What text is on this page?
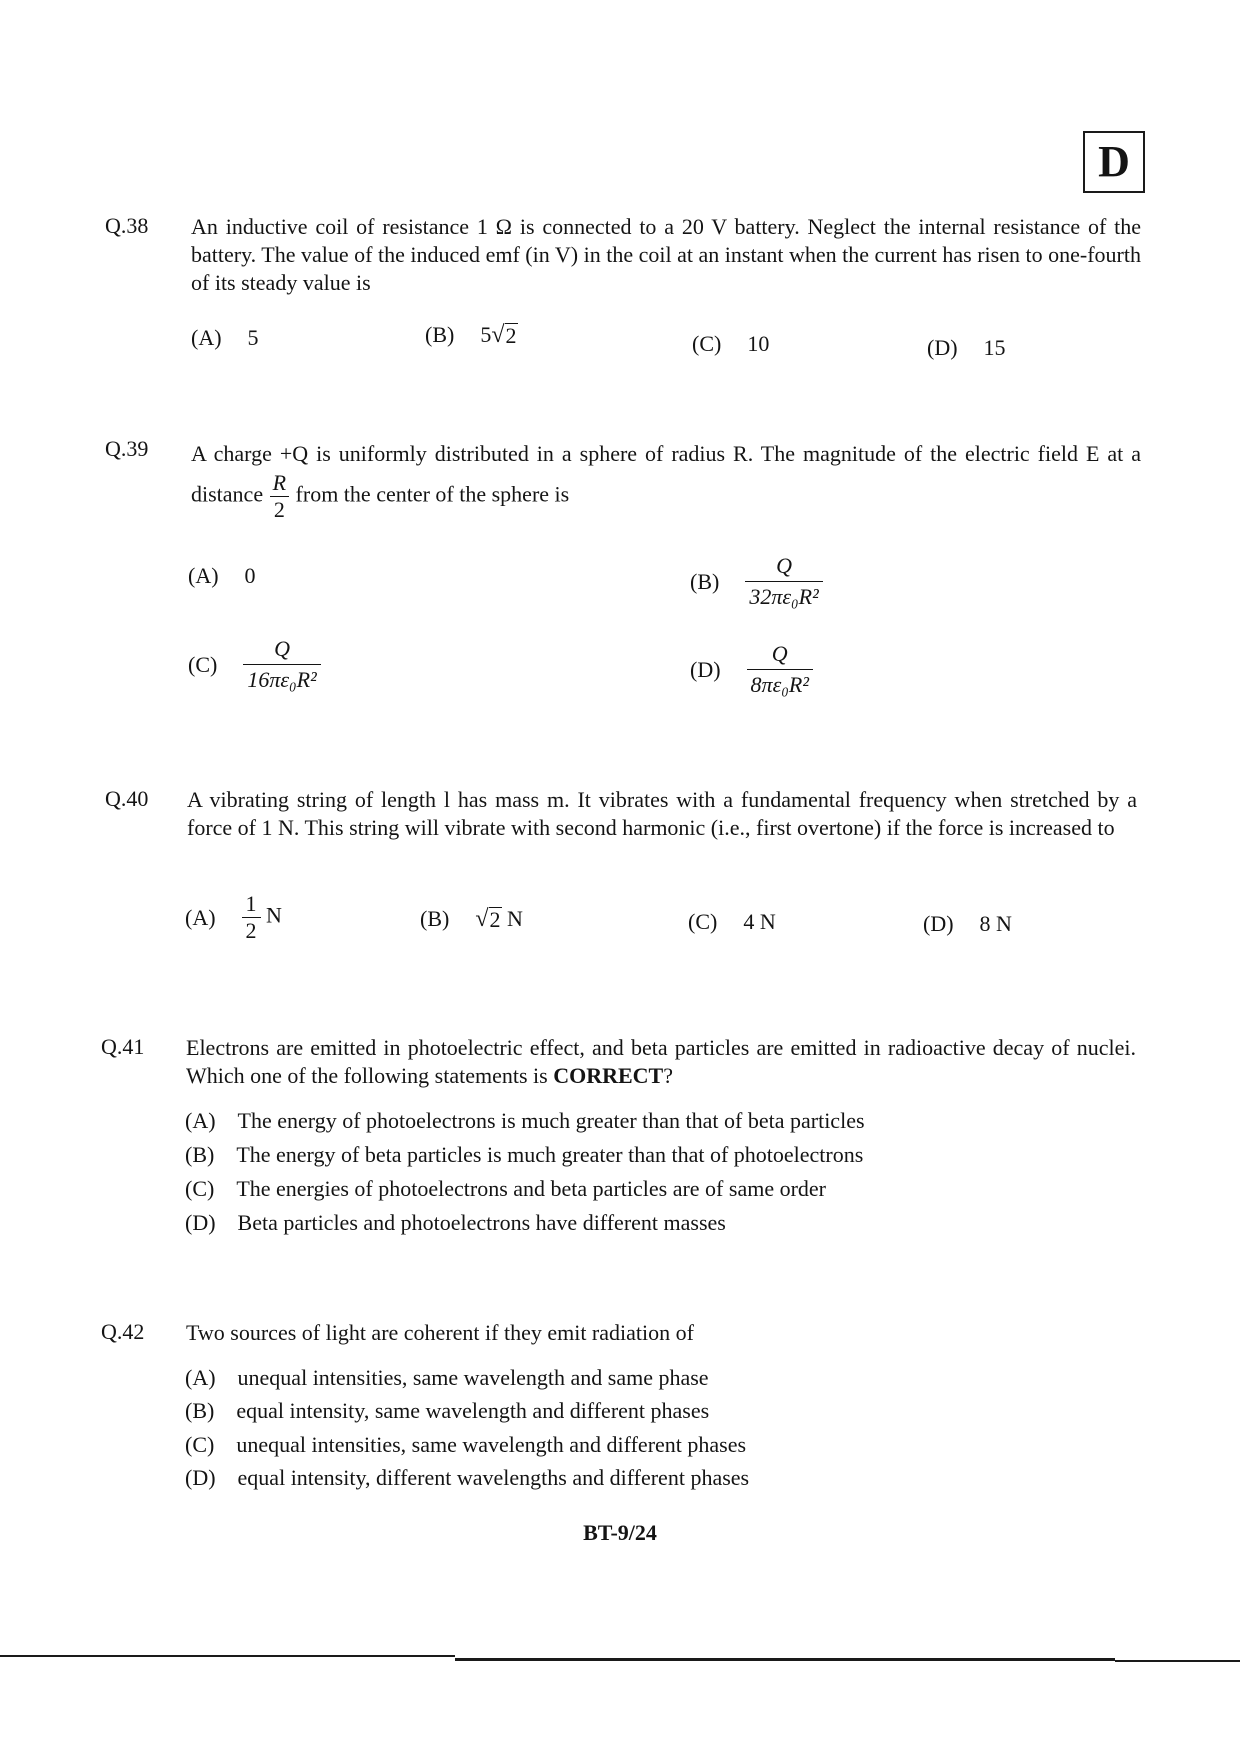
D
Q.38 An inductive coil of resistance 1 Ω is connected to a 20 V battery. Neglect the internal resistance of the battery. The value of the induced emf (in V) in the coil at an instant when the current has risen to one-fourth of its steady value is
(A) 5	(B) 5 √ 2	(C) 10	(D) 15
Q.39 A charge +Q is uniformly distributed in a sphere of radius R. The magnitude of the electric field E at a distance $\frac{R}{2}$ from the center of the sphere is
(A) 0	$(B) \frac{Q}{\text{32πε₀R²}}$
$(C) \frac{Q}{\text{16πε₀R²}}$	$(D) \frac{Q}{\text{8πε₀R²}}$
Q.40 A vibrating string of length l has mass m. It vibrates with a fundamental frequency when stretched by a force of 1 N. This string will vibrate with second harmonic (i.e., first overtone) if the force is increased to
$(A) \frac{1}{2}$ N	(B) √ 2 N	(C) 4 N	(D) 8 N
Q.41 Electrons are emitted in photoelectric effect, and beta particles are emitted in radioactive decay of nuclei. Which one of the following statements is CORRECT?
(A) The energy of photoelectrons is much greater than that of beta particles
(B) The energy of beta particles is much greater than that of photoelectrons
(C) The energies of photoelectrons and beta particles are of same order
(D) Beta particles and photoelectrons have different masses
Q.42 Two sources of light are coherent if they emit radiation of
(A) unequal intensities, same wavelength and same phase
(B) equal intensity, same wavelength and different phases
(C) unequal intensities, same wavelength and different phases
(D) equal intensity, different wavelengths and different phases
BT-9/24
